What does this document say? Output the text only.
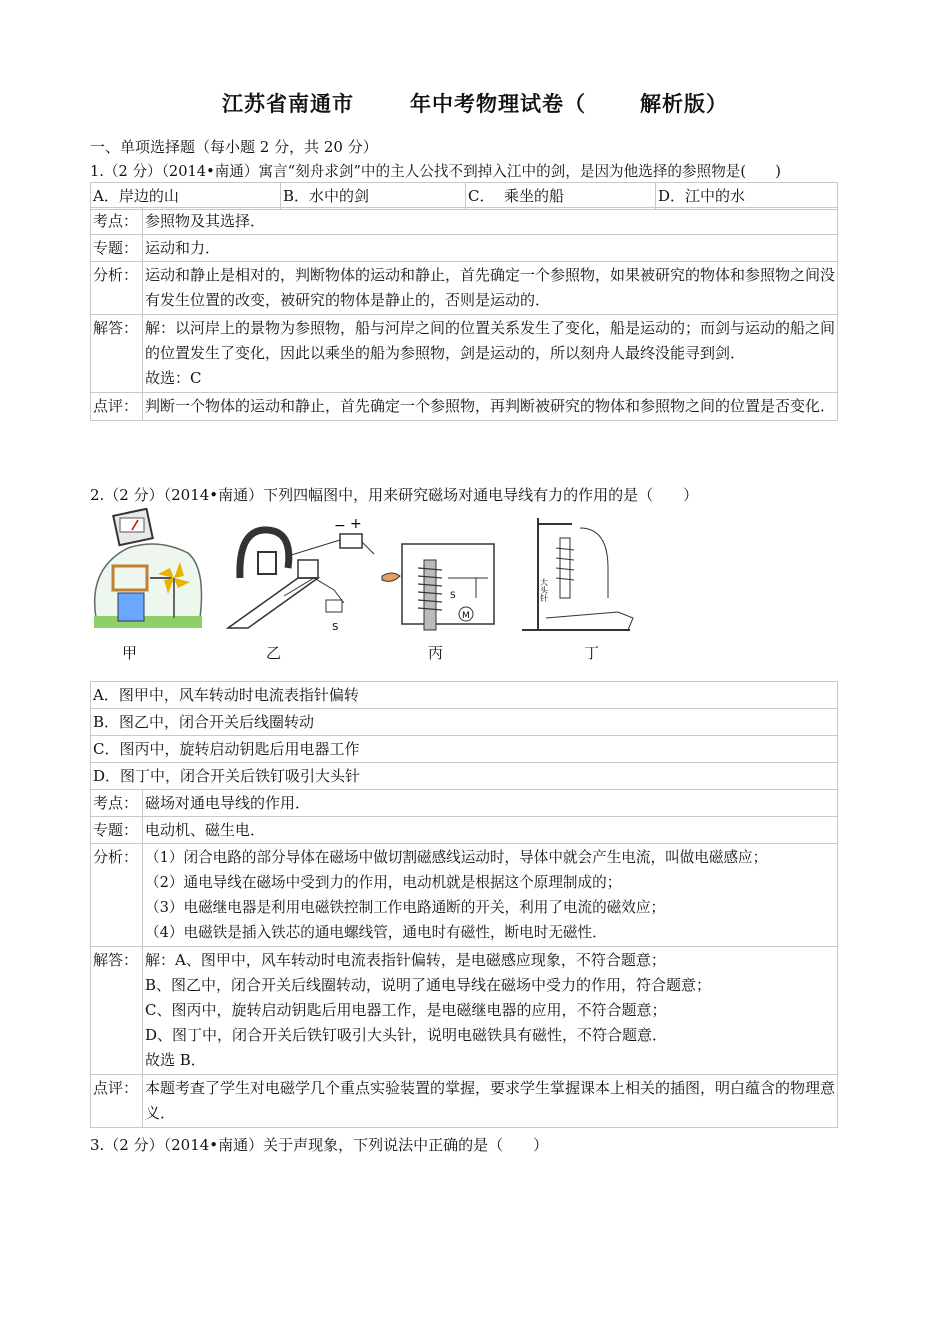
江苏省南通市	年中考物理试卷（	解析版）
一、单项选择题（每小题 2 分，共 20 分）
1.（2 分）（2014•南通）寓言“刻舟求剑”中的主人公找不到掉入江中的剑，是因为他选择的参照物是(　　)
A．岸边的山	B．水中的剑	C． 乘坐的船	D．江中的水
考点：	参照物及其选择．
专题：	运动和力．
分析：	运动和静止是相对的，判断物体的运动和静止，首先确定一个参照物，如果被研究的物体和参照物之间没有发生位置的改变，被研究的物体是静止的，否则是运动的．
解答：	解：以河岸上的景物为参照物，船与河岸之间的位置关系发生了变化，船是运动的；而剑与运动的船之间的位置发生了变化，因此以乘坐的船为参照物，剑是运动的，所以刻舟人最终没能寻到剑．
故选：C

点评：	判断一个物体的运动和静止，首先确定一个参照物，再判断被研究的物体和参照物之间的位置是否变化．
2.（2 分）（2014•南通）下列四幅图中，用来研究磁场对通电导线有力的作用的是（　　）
− +
S
S
M
大头针
甲	乙	丙	丁
A．图甲中，风车转动时电流表指针偏转	
B．图乙中，闭合开关后线圈转动	
C．图丙中，旋转启动钥匙后用电器工作	
D．图丁中，闭合开关后铁钉吸引大头针	
考点：	磁场对通电导线的作用．
专题：	电动机、磁生电．
分析：	（1）闭合电路的部分导体在磁场中做切割磁感线运动时，导体中就会产生电流，叫做电磁感应；
（2）通电导线在磁场中受到力的作用，电动机就是根据这个原理制成的；
（3）电磁继电器是利用电磁铁控制工作电路通断的开关，利用了电流的磁效应；
（4）电磁铁是插入铁芯的通电螺线管，通电时有磁性，断电时无磁性．

解答：	解：A、图甲中，风车转动时电流表指针偏转，是电磁感应现象，不符合题意；
B、图乙中，闭合开关后线圈转动，说明了通电导线在磁场中受力的作用，符合题意；
C、图丙中，旋转启动钥匙后用电器工作，是电磁继电器的应用，不符合题意；
D、图丁中，闭合开关后铁钉吸引大头针，说明电磁铁具有磁性，不符合题意．
故选 B．

点评：	本题考查了学生对电磁学几个重点实验装置的掌握，要求学生掌握课本上相关的插图，明白蕴含的物理意义．
3.（2 分）（2014•南通）关于声现象，下列说法中正确的是（　　）
